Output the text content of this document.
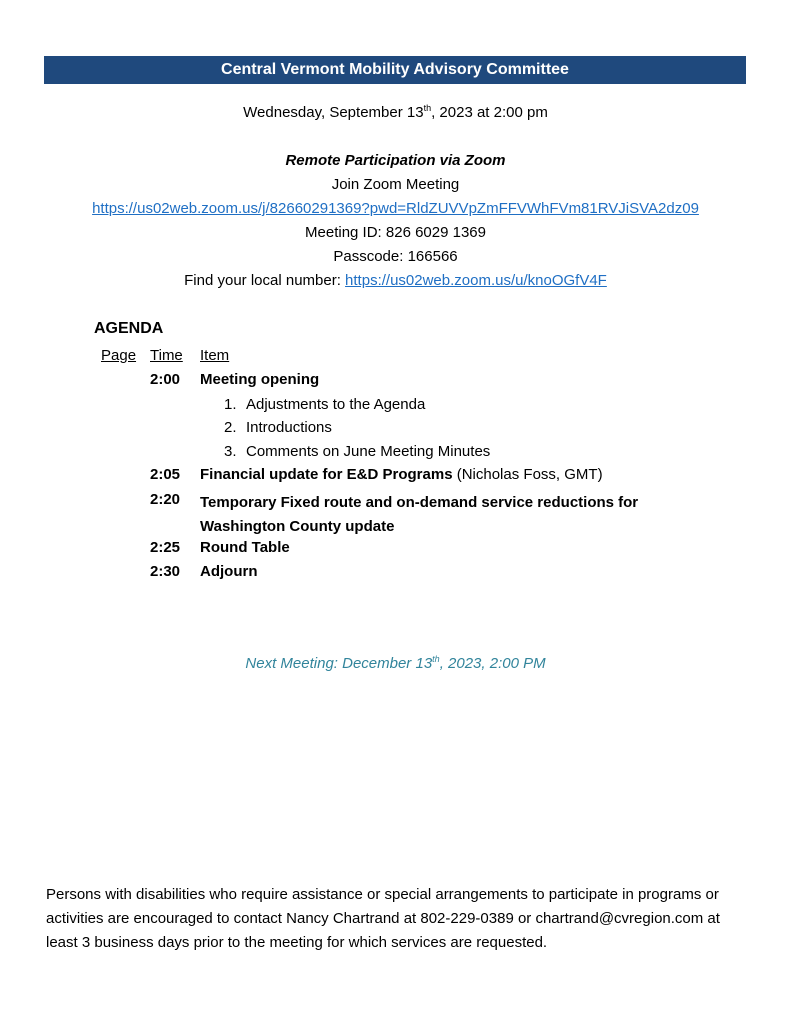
Central Vermont Mobility Advisory Committee
Wednesday, September 13th, 2023 at 2:00 pm
Remote Participation via Zoom
Join Zoom Meeting
https://us02web.zoom.us/j/82660291369?pwd=RldZUVVpZmFFVWhFVm81RVJiSVA2dz09
Meeting ID: 826 6029 1369
Passcode: 166566
Find your local number: https://us02web.zoom.us/u/knoOGfV4F
AGENDA
Page Time Item
2:00 Meeting opening
1. Adjustments to the Agenda
2. Introductions
3. Comments on June Meeting Minutes
2:05 Financial update for E&D Programs (Nicholas Foss, GMT)
2:20 Temporary Fixed route and on-demand service reductions for Washington County update
2:25 Round Table
2:30 Adjourn
Next Meeting: December 13th, 2023, 2:00 PM
Persons with disabilities who require assistance or special arrangements to participate in programs or activities are encouraged to contact Nancy Chartrand at 802-229-0389 or chartrand@cvregion.com at least 3 business days prior to the meeting for which services are requested.
